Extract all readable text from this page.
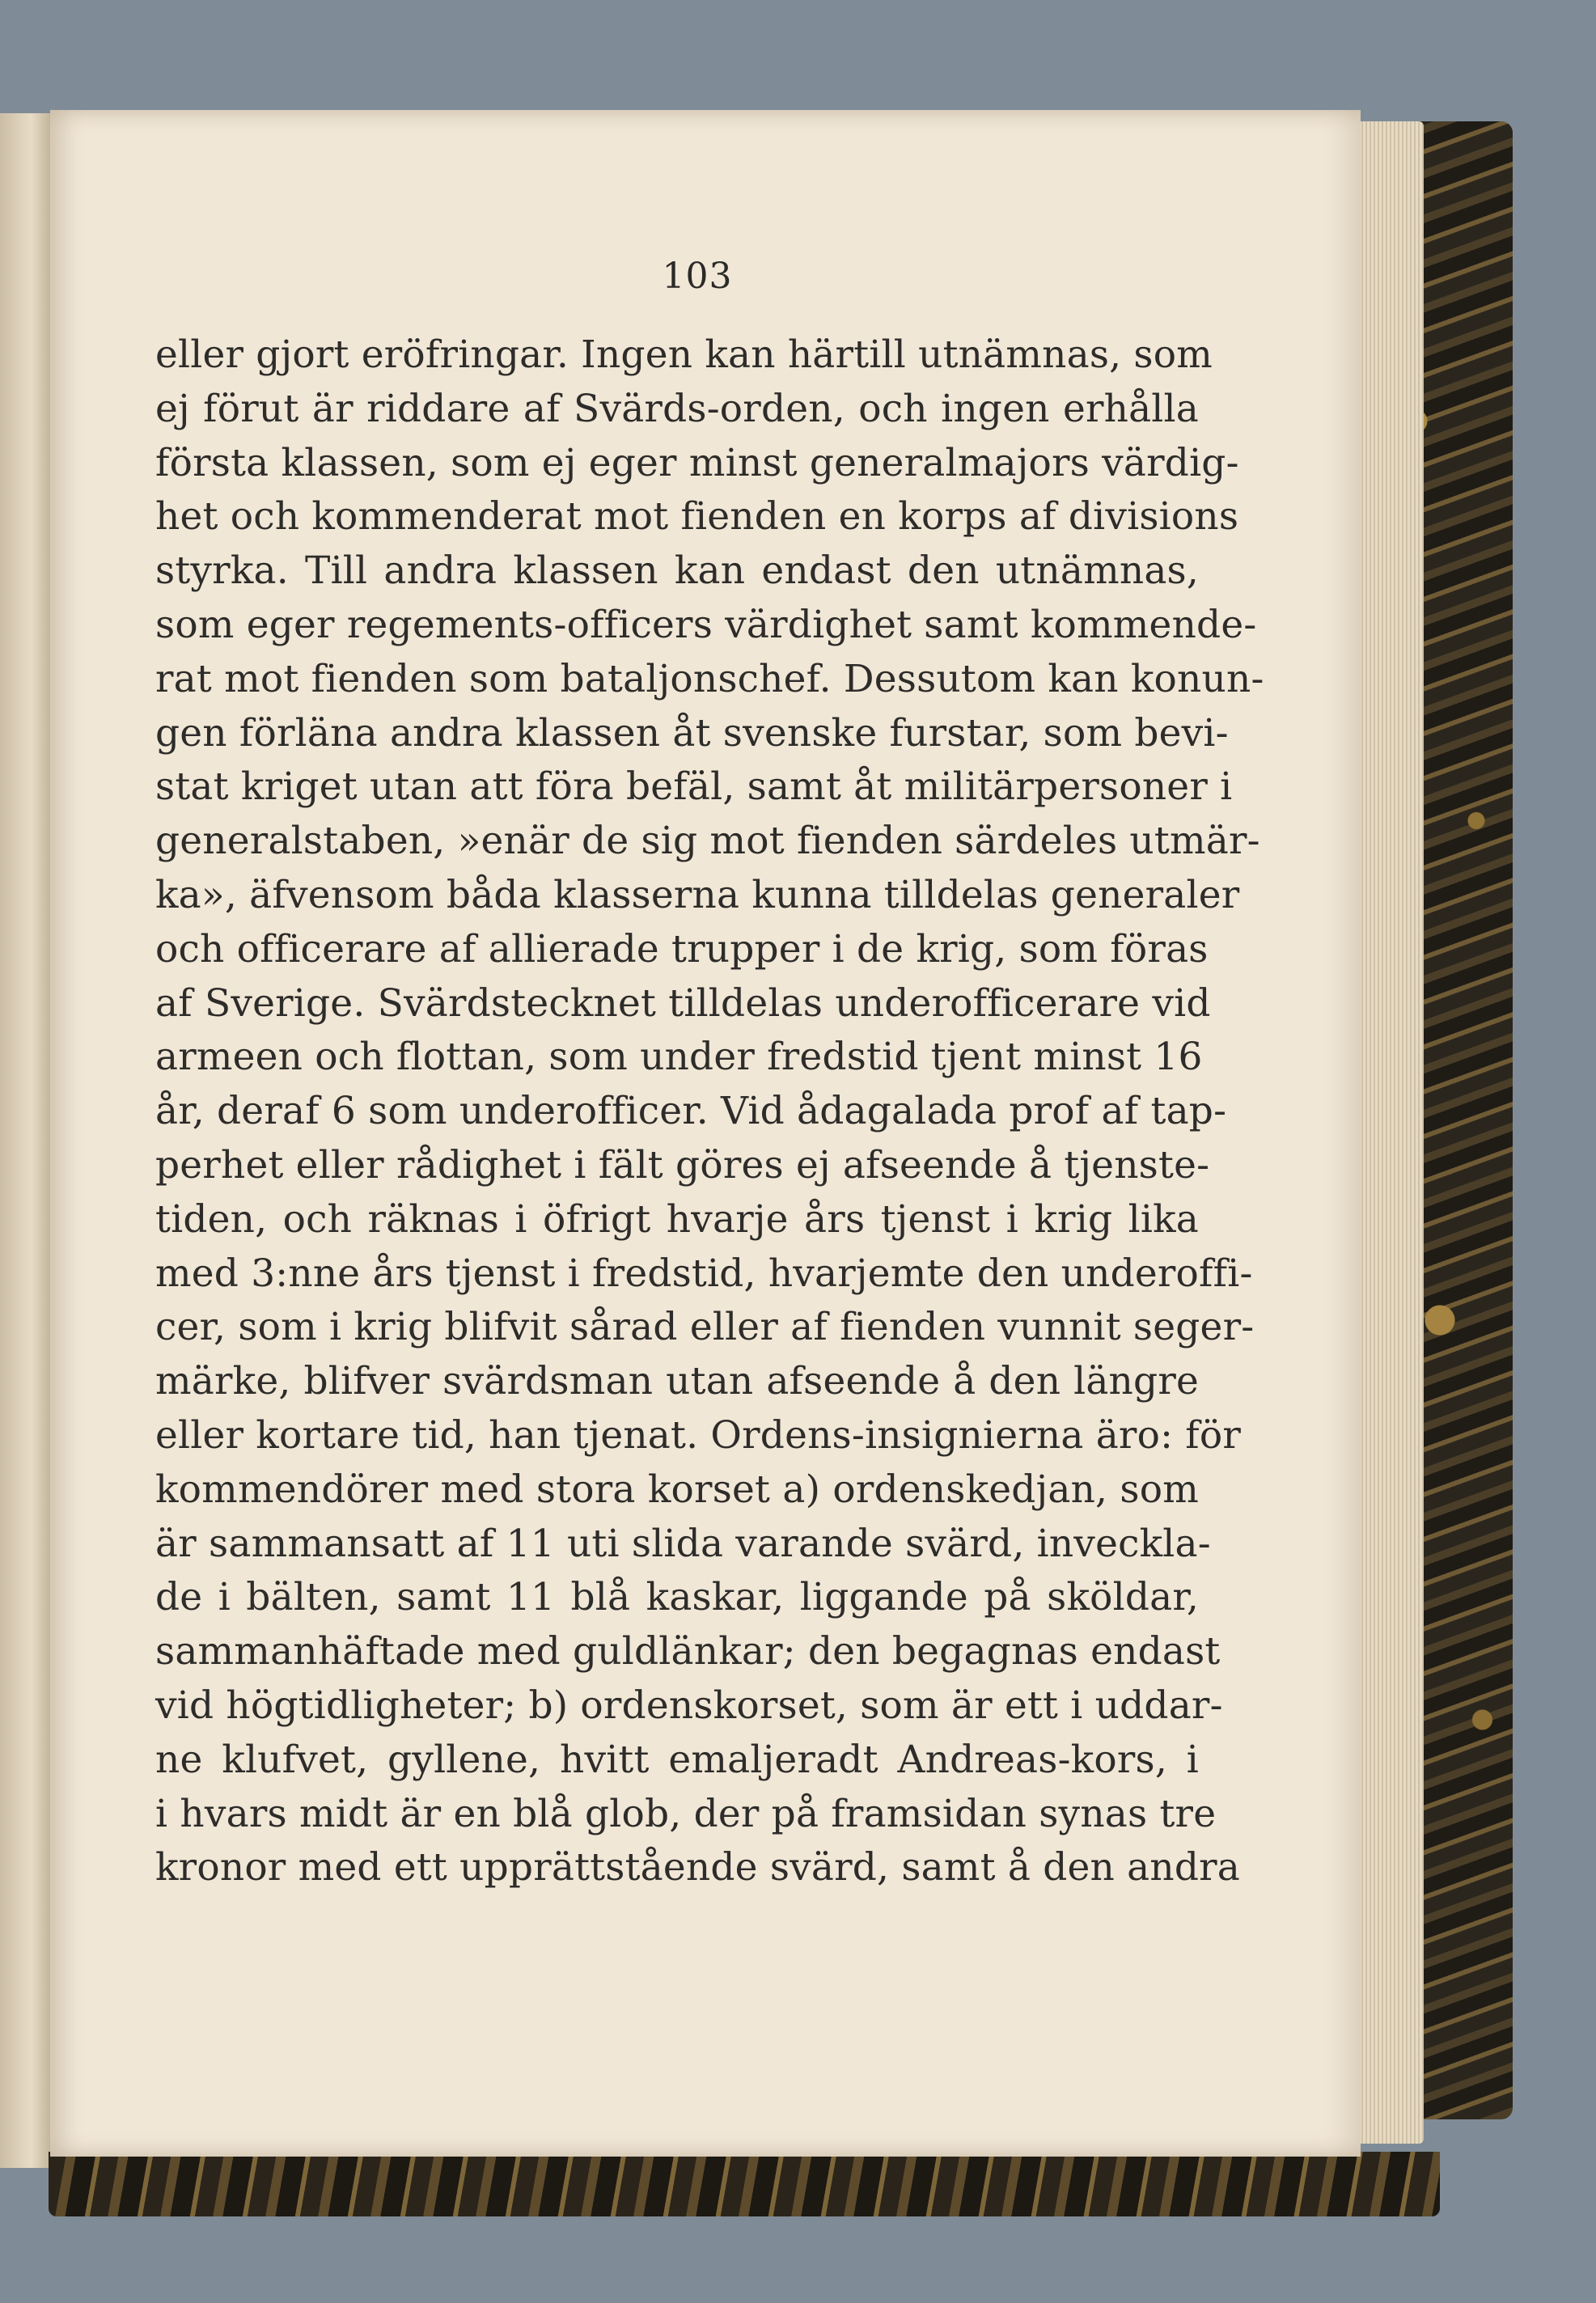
103
eller gjort eröfringar. Ingen kan härtill utnämnas, som
ej förut är riddare af Svärds-orden, och ingen erhålla
första klassen, som ej eger minst generalmajors värdig-
het och kommenderat mot fienden en korps af divisions
styrka. Till andra klassen kan endast den utnämnas,
som eger regements-officers värdighet samt kommende-
rat mot fienden som bataljonschef. Dessutom kan konun-
gen förläna andra klassen åt svenske furstar, som bevi-
stat kriget utan att föra befäl, samt åt militärpersoner i
generalstaben, »enär de sig mot fienden särdeles utmär-
ka», äfvensom båda klasserna kunna tilldelas generaler
och officerare af allierade trupper i de krig, som föras
af Sverige. Svärdstecknet tilldelas underofficerare vid
armeen och flottan, som under fredstid tjent minst 16
år, deraf 6 som underofficer. Vid ådagalada prof af tap-
perhet eller rådighet i fält göres ej afseende å tjenste-
tiden, och räknas i öfrigt hvarje års tjenst i krig lika
med 3:nne års tjenst i fredstid, hvarjemte den underoffi-
cer, som i krig blifvit sårad eller af fienden vunnit seger-
märke, blifver svärdsman utan afseende å den längre
eller kortare tid, han tjenat. Ordens-insignierna äro: för
kommendörer med stora korset a) ordenskedjan, som
är sammansatt af 11 uti slida varande svärd, inveckla-
de i bälten, samt 11 blå kaskar, liggande på sköldar,
sammanhäftade med guldlänkar; den begagnas endast
vid högtidligheter; b) ordenskorset, som är ett i uddar-
ne klufvet, gyllene, hvitt emaljeradt Andreas-kors, i
i hvars midt är en blå glob, der på framsidan synas tre
kronor med ett upprättstående svärd, samt å den andra
